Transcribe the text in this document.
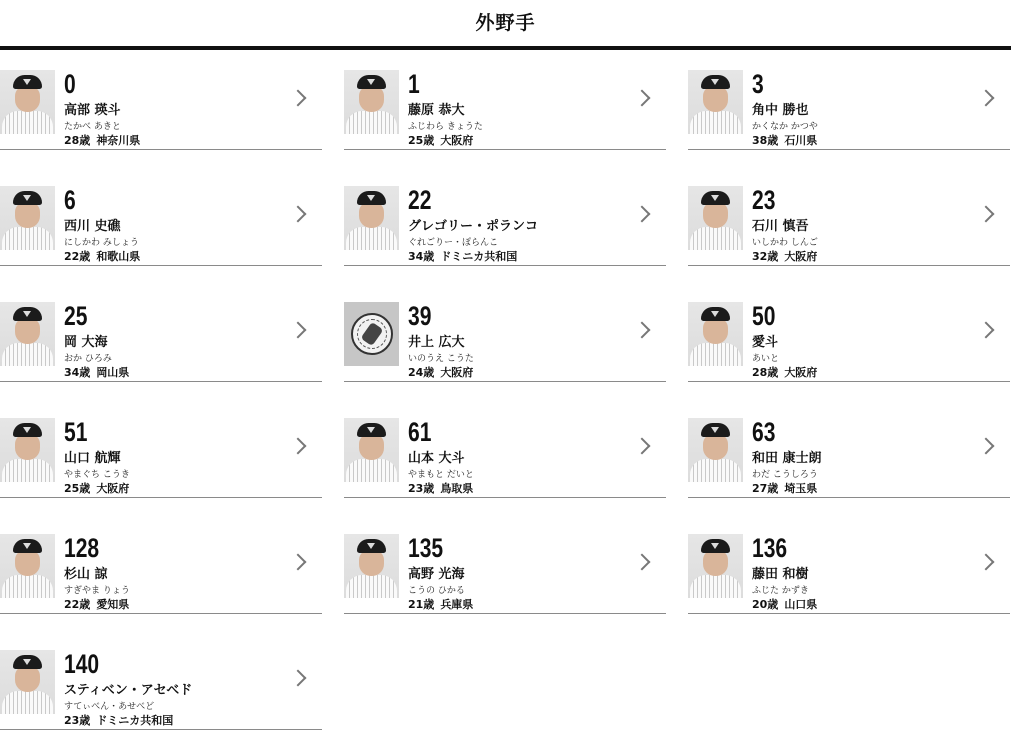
外野手
0
高部 瑛斗
たかべ あきと
28歳 神奈川県
1
藤原 恭大
ふじわら きょうた
25歳 大阪府
3
角中 勝也
かくなか かつや
38歳 石川県
6
西川 史礁
にしかわ みしょう
22歳 和歌山県
22
グレゴリー・ポランコ
ぐれごりー・ぽらんこ
34歳 ドミニカ共和国
23
石川 慎吾
いしかわ しんご
32歳 大阪府
25
岡 大海
おか ひろみ
34歳 岡山県
39
井上 広大
いのうえ こうた
24歳 大阪府
50
愛斗
あいと
28歳 大阪府
51
山口 航輝
やまぐち こうき
25歳 大阪府
61
山本 大斗
やまもと だいと
23歳 鳥取県
63
和田 康士朗
わだ こうしろう
27歳 埼玉県
128
杉山 諒
すぎやま りょう
22歳 愛知県
135
高野 光海
こうの ひかる
21歳 兵庫県
136
藤田 和樹
ふじた かずき
20歳 山口県
140
スティベン・アセベド
すてぃべん・あせべど
23歳 ドミニカ共和国
